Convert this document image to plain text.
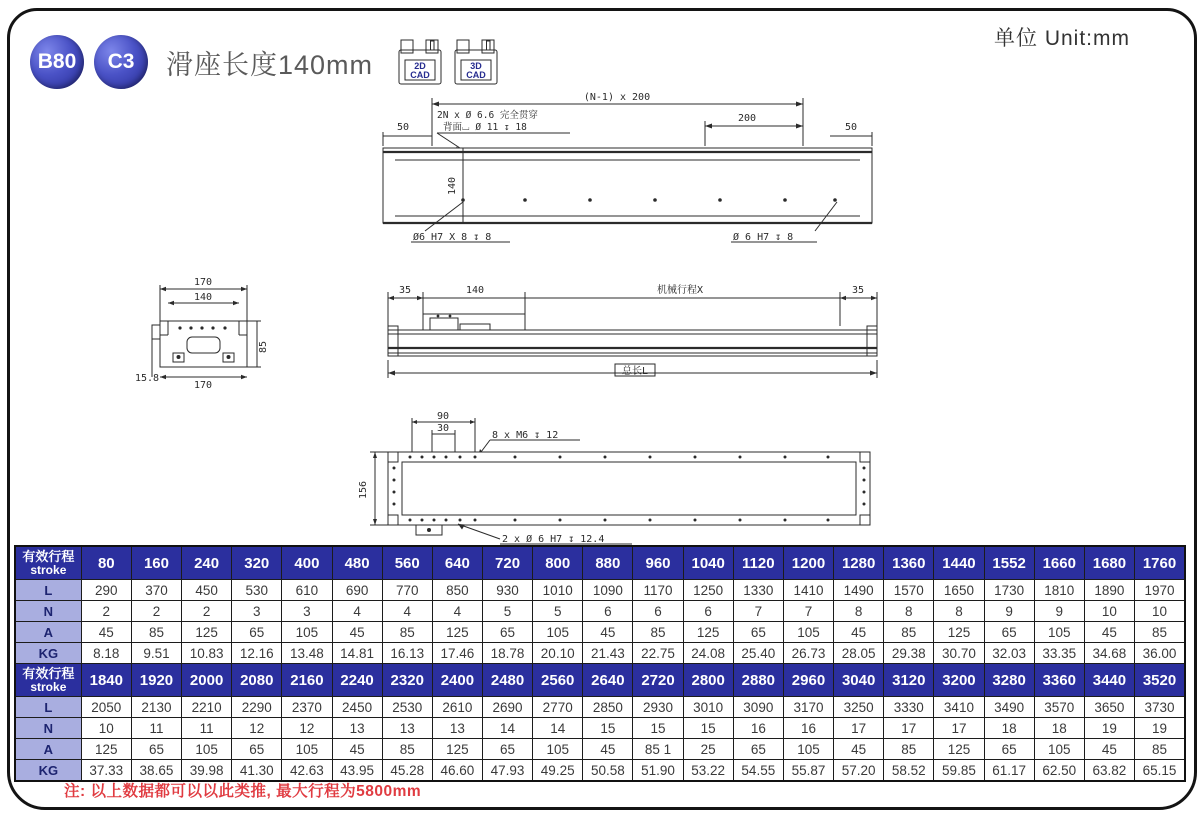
B80	C3	滑座长度140mm	2D
CAD
3D
CAD
单位 Unit:mm
(N-1) x 200
50	50
200
2N x Ø 6.6 完全贯穿
背面⌴ Ø 11 ↧ 18
140
Ø6 H7 X 8 ↧ 8	Ø 6 H7 ↧ 8
170
140
85
15.8
170
35	140	机械行程X	35
总长L
90
30
8 x M6 ↧ 12
156
2 x Ø 6 H7 ↧ 12.4
有效行程
stroke	80	160	240	320	400	480	560	640	720	800	880	960	1040	1120	1200	1280	1360	1440	1552	1660	1680	1760
L	290	370	450	530	610	690	770	850	930	1010	1090	1170	1250	1330	1410	1490	1570	1650	1730	1810	1890	1970
N	2	2	2	3	3	4	4	4	5	5	6	6	6	7	7	8	8	8	9	9	10	10
A	45	85	125	65	105	45	85	125	65	105	45	85	125	65	105	45	85	125	65	105	45	85
KG	8.18	9.51	10.83	12.16	13.48	14.81	16.13	17.46	18.78	20.10	21.43	22.75	24.08	25.40	26.73	28.05	29.38	30.70	32.03	33.35	34.68	36.00

有效行程
stroke	1840	1920	2000	2080	2160	2240	2320	2400	2480	2560	2640	2720	2800	2880	2960	3040	3120	3200	3280	3360	3440	3520
L	2050	2130	2210	2290	2370	2450	2530	2610	2690	2770	2850	2930	3010	3090	3170	3250	3330	3410	3490	3570	3650	3730
N	10	11	11	12	12	13	13	13	14	14	15	15	15	16	16	17	17	17	18	18	19	19
A	125	65	105	65	105	45	85	125	65	105	45	85 1	25	65	105	45	85	125	65	105	45	85
KG	37.33	38.65	39.98	41.30	42.63	43.95	45.28	46.60	47.93	49.25	50.58	51.90	53.22	54.55	55.87	57.20	58.52	59.85	61.17	62.50	63.82	65.15
注: 以上数据都可以以此类推, 最大行程为5800mm
